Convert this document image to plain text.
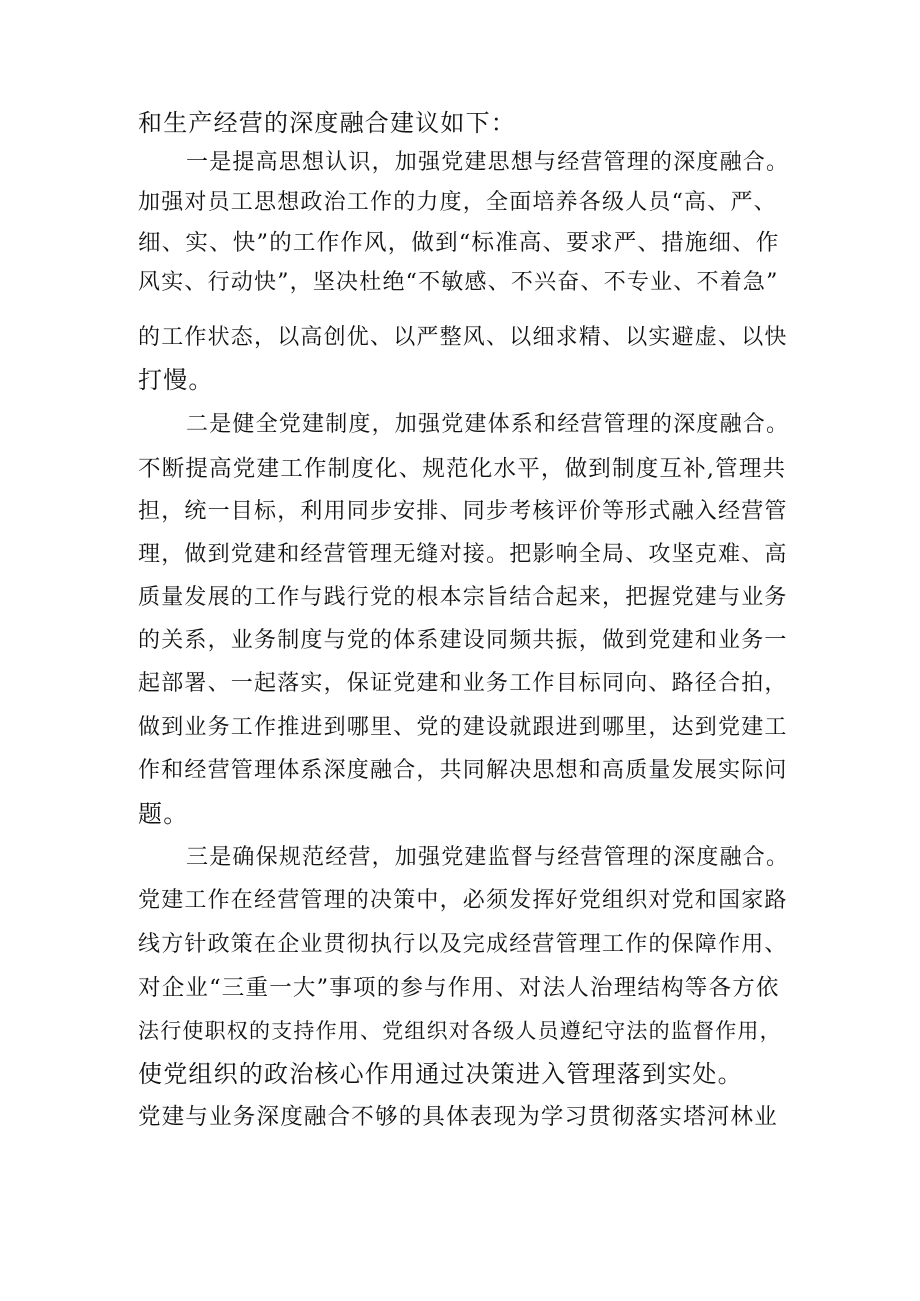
和生产经营的深度融合建议如下：

一是提高思想认识，加强党建思想与经营管理的深度融合。

加强对员工思想政治工作的力度，全面培养各级人员“高、严、

细、实、快”的工作作风，做到“标准高、要求严、措施细、作

风实、行动快”，坚决杜绝“不敏感、不兴奋、不专业、不着急”

的工作状态，以高创优、以严整风、以细求精、以实避虚、以快

打慢。

二是健全党建制度，加强党建体系和经营管理的深度融合。

不断提高党建工作制度化、规范化水平，做到制度互补,管理共

担，统一目标，利用同步安排、同步考核评价等形式融入经营管

理，做到党建和经营管理无缝对接。把影响全局、攻坚克难、高

质量发展的工作与践行党的根本宗旨结合起来，把握党建与业务

的关系，业务制度与党的体系建设同频共振，做到党建和业务一

起部署、一起落实，保证党建和业务工作目标同向、路径合拍，

做到业务工作推进到哪里、党的建设就跟进到哪里，达到党建工

作和经营管理体系深度融合，共同解决思想和高质量发展实际问

题。

三是确保规范经营，加强党建监督与经营管理的深度融合。

党建工作在经营管理的决策中，必须发挥好党组织对党和国家路

线方针政策在企业贯彻执行以及完成经营管理工作的保障作用、

对企业“三重一大”事项的参与作用、对法人治理结构等各方依

法行使职权的支持作用、党组织对各级人员遵纪守法的监督作用，

使党组织的政治核心作用通过决策进入管理落到实处。

党建与业务深度融合不够的具体表现为学习贯彻落实塔河林业
